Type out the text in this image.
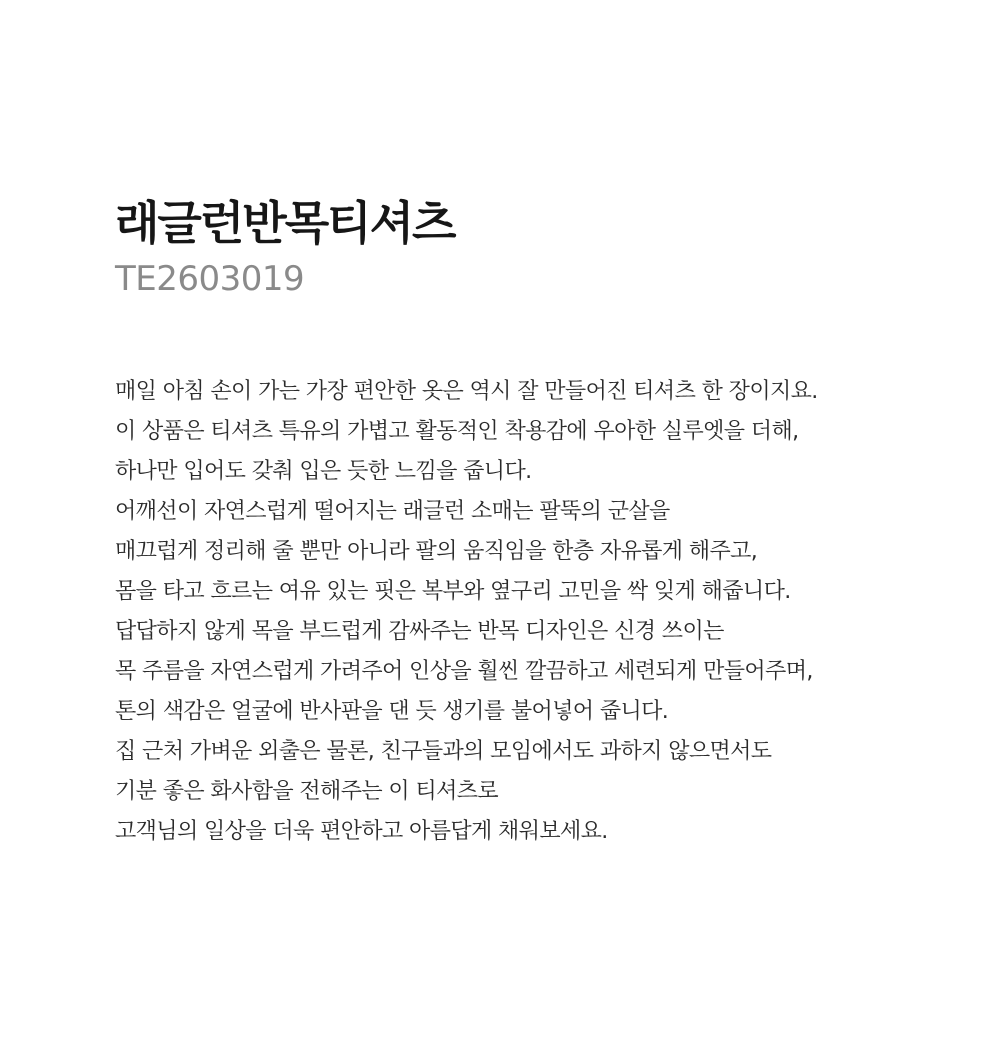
래글런반목티셔츠

TE2603019

매일 아침 손이 가는 가장 편안한 옷은 역시 잘 만들어진 티셔츠 한 장이지요.
이 상품은 티셔츠 특유의 가볍고 활동적인 착용감에 우아한 실루엣을 더해,
하나만 입어도 갖춰 입은 듯한 느낌을 줍니다.
어깨선이 자연스럽게 떨어지는 래글런 소매는 팔뚝의 군살을
매끄럽게 정리해 줄 뿐만 아니라 팔의 움직임을 한층 자유롭게 해주고,
몸을 타고 흐르는 여유 있는 핏은 복부와 옆구리 고민을 싹 잊게 해줍니다.
답답하지 않게 목을 부드럽게 감싸주는 반목 디자인은 신경 쓰이는
목 주름을 자연스럽게 가려주어 인상을 훨씬 깔끔하고 세련되게 만들어주며,
톤의 색감은 얼굴에 반사판을 댄 듯 생기를 불어넣어 줍니다.
집 근처 가벼운 외출은 물론, 친구들과의 모임에서도 과하지 않으면서도
기분 좋은 화사함을 전해주는 이 티셔츠로
고객님의 일상을 더욱 편안하고 아름답게 채워보세요.
